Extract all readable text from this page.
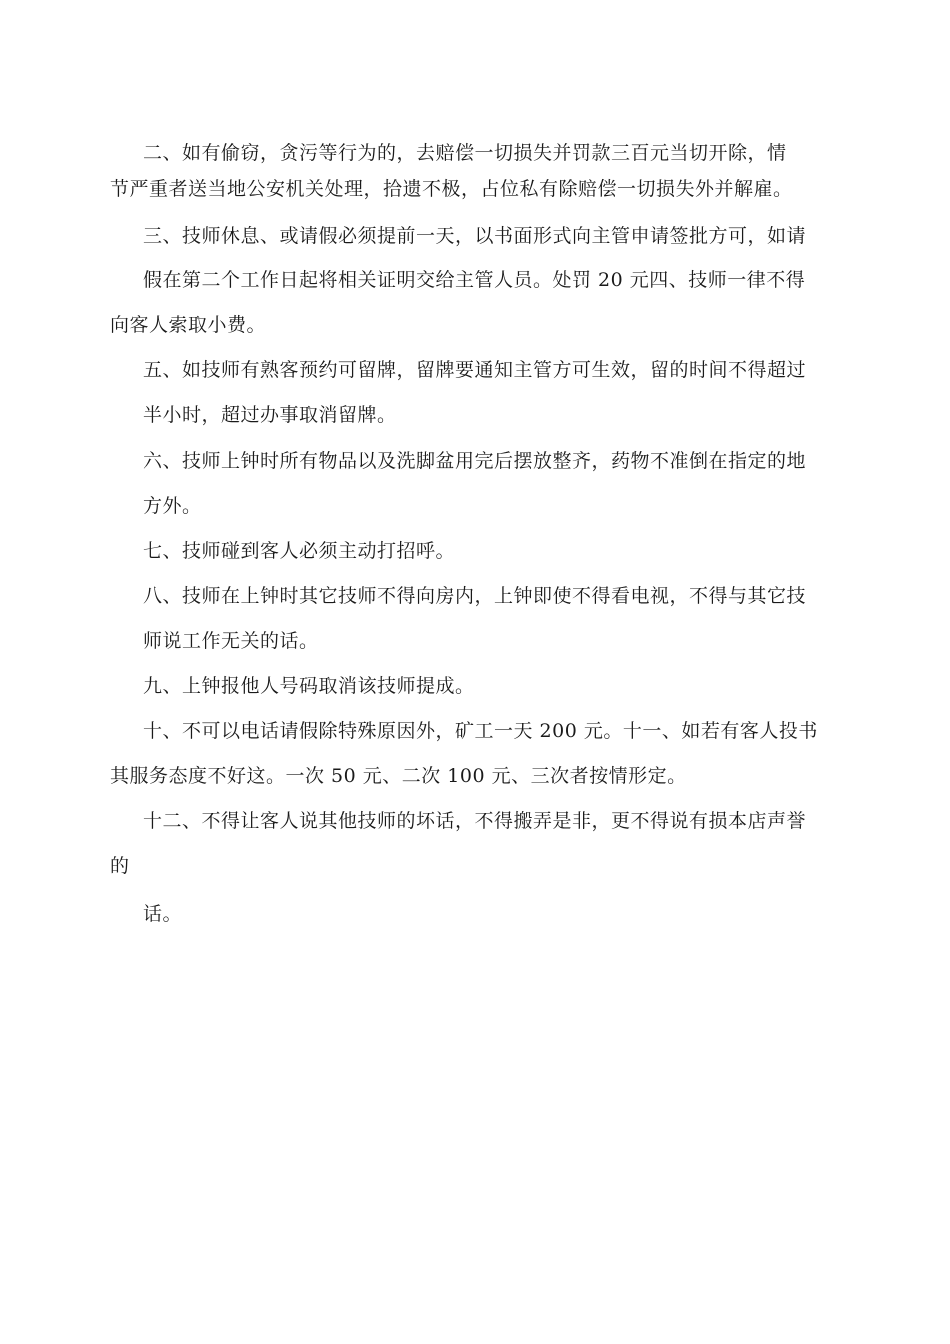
二、如有偷窃，贪污等行为的，去赔偿一切损失并罚款三百元当切开除，情
节严重者送当地公安机关处理，拾遗不极，占位私有除赔偿一切损失外并解雇。
三、技师休息、或请假必须提前一天，以书面形式向主管申请签批方可，如请
假在第二个工作日起将相关证明交给主管人员。处罚 20 元四、技师一律不得
向客人索取小费。
五、如技师有熟客预约可留牌，留牌要通知主管方可生效，留的时间不得超过
半小时，超过办事取消留牌。
六、技师上钟时所有物品以及洗脚盆用完后摆放整齐，药物不准倒在指定的地
方外。
七、技师碰到客人必须主动打招呼。
八、技师在上钟时其它技师不得向房内，上钟即使不得看电视，不得与其它技
师说工作无关的话。
九、上钟报他人号码取消该技师提成。
十、不可以电话请假除特殊原因外，矿工一天 200 元。十一、如若有客人投书
其服务态度不好这。一次 50 元、二次 100 元、三次者按情形定。
十二、不得让客人说其他技师的坏话，不得搬弄是非，更不得说有损本店声誉
的
话。
